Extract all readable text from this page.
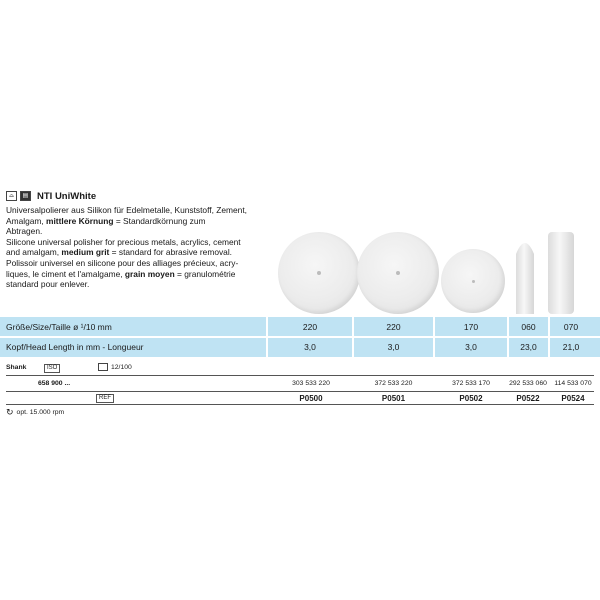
⌓	▤ NTI UniWhite
Universalpolierer aus Silikon für Edelmetalle, Kunststoff, Zement,
Amalgam, mittlere Körnung = Standardkörnung zum
Abtragen.
Silicone universal polisher for precious metals, acrylics, cement
and amalgam, medium grit = standard for abrasive removal.
Polissoir universel en silicone pour des alliages précieux, acry-
liques, le ciment et l'amalgame, grain moyen = granulométrie
standard pour enlever.
Größe/Size/Taille
ø ¹/10 mm	220	220	170	060	070
Kopf/Head Length in mm - Longueur	3,0	3,0	3,0	23,0	21,0
Shank	ISO	12/100
658 900 ...	303 533 220	372 533 220	372 533 170	292 533 060	114 533 070
REF	P0500	P0501	P0502	P0522	P0524
↻ opt. 15.000 rpm
